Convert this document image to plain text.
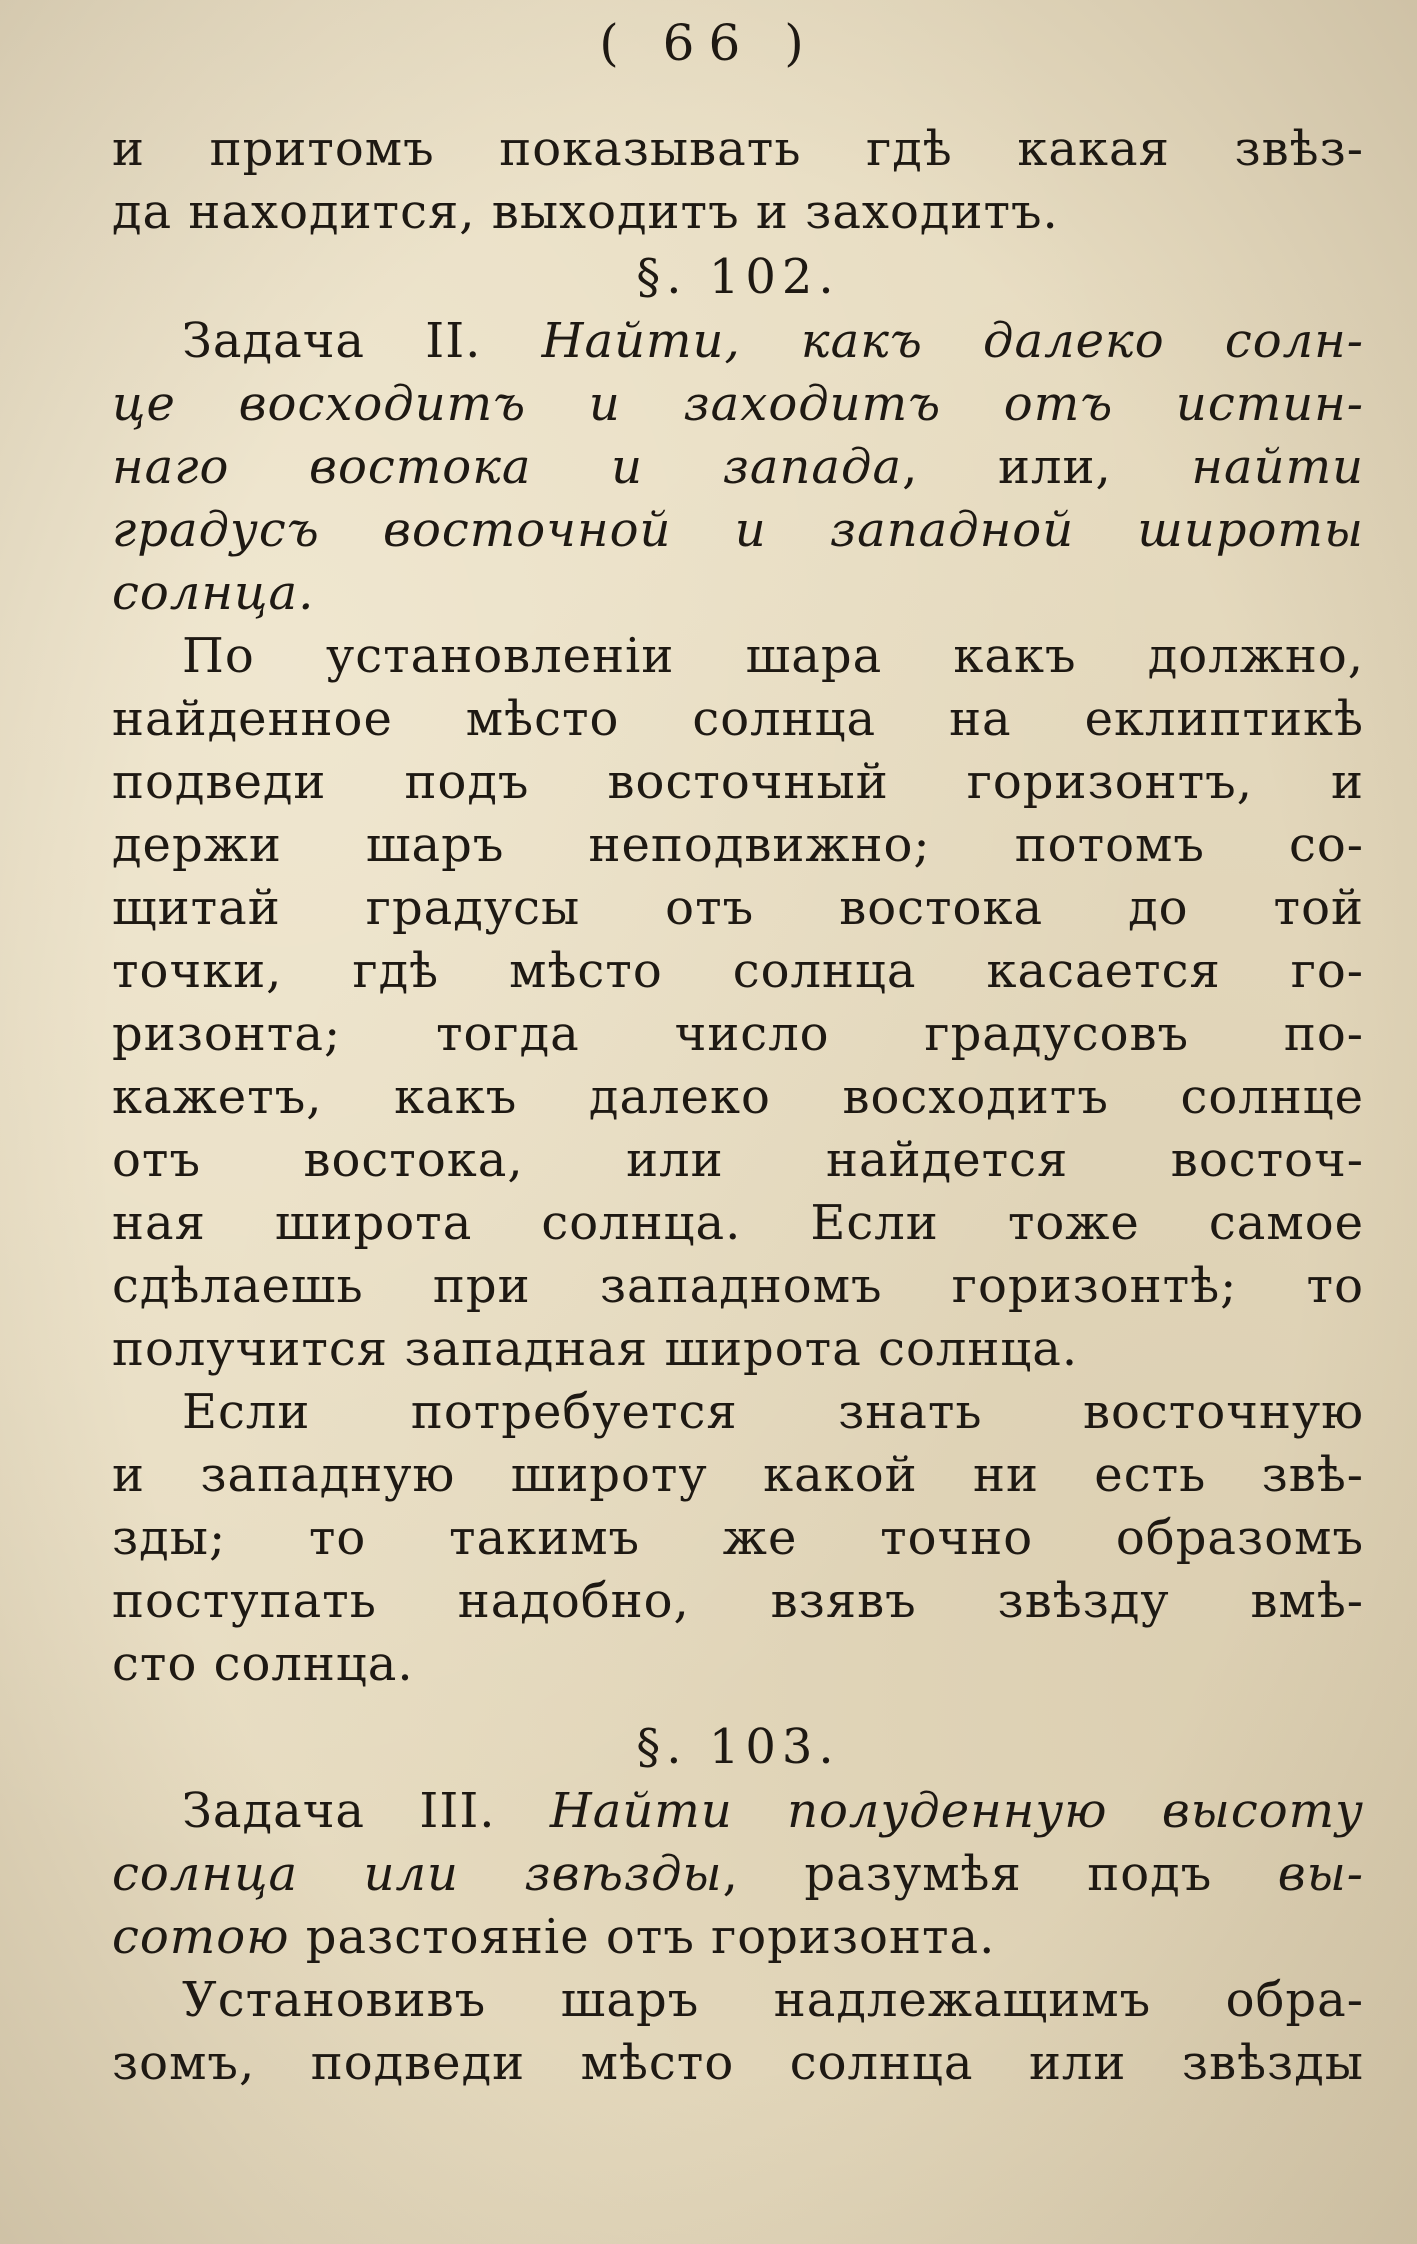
( 66 )
и притомъ показывать гдѣ какая звѣз-
да находится, выходитъ и заходитъ.
§. 102.
Задача II. Найти, какъ далеко солн-
це восходитъ и заходитъ отъ истин-
наго востока и запада, или, найти
градусъ восточной и западной широты
солнца.
По установленіи шара какъ должно,
найденное мѣсто солнца на еклиптикѣ
подведи подъ восточный горизонтъ, и
держи шаръ неподвижно; потомъ со-
щитай градусы отъ востока до той
точки, гдѣ мѣсто солнца касается го-
ризонта; тогда число градусовъ по-
кажетъ, какъ далеко восходитъ солнце
отъ востока, или найдется восточ-
ная широта солнца. Если тоже самое
сдѣлаешь при западномъ горизонтѣ; то
получится западная широта солнца.
Если потребуется знать восточную
и западную широту какой ни есть звѣ-
зды; то такимъ же точно образомъ
поступать надобно, взявъ звѣзду вмѣ-
сто солнца.
§. 103.
Задача III. Найти полуденную высоту
солнца или звѣзды, разумѣя подъ вы-
сотою разстояніе отъ горизонта.
Установивъ шаръ надлежащимъ обра-
зомъ, подведи мѣсто солнца или звѣзды
